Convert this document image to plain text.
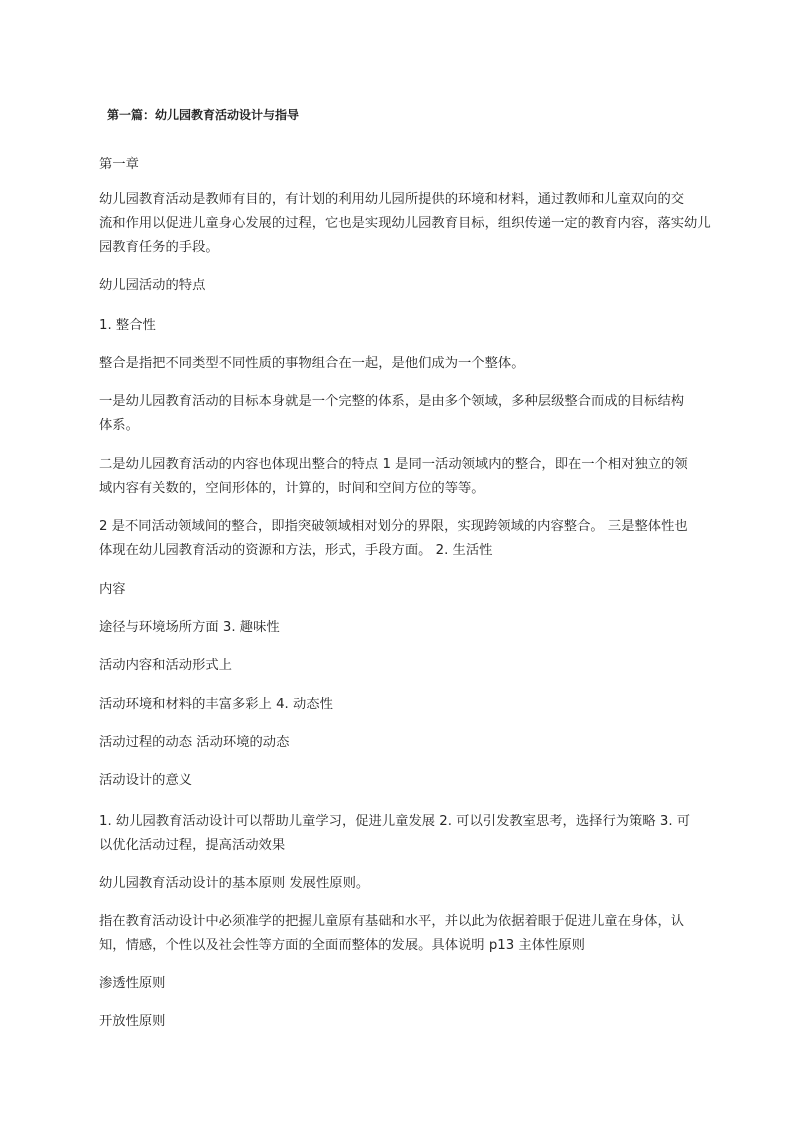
第一篇：幼儿园教育活动设计与指导
第一章
幼儿园教育活动是教师有目的，有计划的利用幼儿园所提供的环境和材料，通过教师和儿童双向的交
流和作用以促进儿童身心发展的过程，它也是实现幼儿园教育目标，组织传递一定的教育内容，落实幼儿
园教育任务的手段。
幼儿园活动的特点
1. 整合性
整合是指把不同类型不同性质的事物组合在一起，是他们成为一个整体。
一是幼儿园教育活动的目标本身就是一个完整的体系，是由多个领域，多种层级整合而成的目标结构
体系。
二是幼儿园教育活动的内容也体现出整合的特点 1 是同一活动领域内的整合，即在一个相对独立的领
域内容有关数的，空间形体的，计算的，时间和空间方位的等等。
2 是不同活动领域间的整合，即指突破领域相对划分的界限，实现跨领域的内容整合。 三是整体性也
体现在幼儿园教育活动的资源和方法，形式，手段方面。 2. 生活性
内容
途径与环境场所方面 3. 趣味性
活动内容和活动形式上
活动环境和材料的丰富多彩上 4. 动态性
活动过程的动态 活动环境的动态
活动设计的意义
1. 幼儿园教育活动设计可以帮助儿童学习，促进儿童发展 2. 可以引发教室思考，选择行为策略 3. 可
以优化活动过程，提高活动效果
幼儿园教育活动设计的基本原则 发展性原则。
指在教育活动设计中必须准学的把握儿童原有基础和水平，并以此为依据着眼于促进儿童在身体，认
知，情感，个性以及社会性等方面的全面而整体的发展。具体说明 p13 主体性原则
渗透性原则
开放性原则
